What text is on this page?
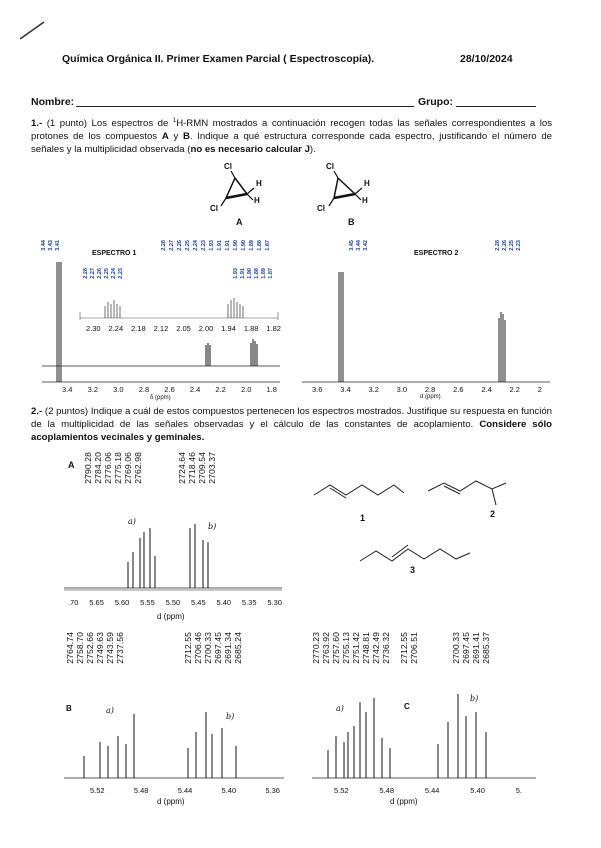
Química Orgánica II. Primer Examen Parcial ( Espectroscopía).	28/10/2024
Nombre:	Grupo:
1.- (1 punto) Los espectros de $^1$H-RMN mostrados a continuación recogen todas las señales correspondientes a los protones de los compuestos A y B. Indique a qué estructura corresponde cada espectro, justificando el número de señales y la multiplicidad observada (no es necesario calcular J).
Cl
Cl
H
H
A
Cl
Cl
H
H
B
3.44 3.43 3.41
ESPECTRO 1
2.28 2.27 2.26 2.25 2.24 2.23	1.93 1.91 1.90 1.88 1.89 1.87
2.28 2.27 2.26 2.25 2.24 2.23 1.93 1.91 1.91 1.90 1.90 1.89 1.88 1.87
2.30 2.24 2.18 2.12 2.05 2.00 1.94 1.88 1.82
3.4 3.2 3.0 2.8 2.6 2.4 2.2 2.0 1.8
δ (ppm)
3.45 3.44 3.42
ESPECTRO 2
2.28 2.26 2.25 2.23
3.6 3.4 3.2 3.0 2.8 2.6 2.4 2.2 2
d (ppm)
2.- (2 puntos) Indique a cuál de estos compuestos pertenecen los espectros mostrados. Justifique su respuesta en función de la multiplicidad de las señales observadas y el cálculo de las constantes de acoplamiento. Considere sólo acoplamientos vecinales y geminales.
A 2790.28 2784.20 2776.06 2775.18 2769.06 2762.98	2724.64 2718.46 2709.54 2703.37
a)
b)
.70 5.65 5.60 5.55 5.50 5.45 5.40 5.35 5.30
d (ppm)
1	2
3
2764.74 2758.70 2752.66 2749.63 2743.59 2737.56	2712.55 2706.46 2700.33 2697.45 2691.34 2685.24
B	a)
b)
5.52	5.48	5.44	5.40	5.36
d (ppm)
2770.23 2763.92 2757.60 2755.13 2751.42 2748.81 2742.49 2736.32 2712.55 2706.51	2700.33 2697.45 2691.41 2685.37
a)	C
b)
5.52	5.48	5.44	5.40	5.
d (ppm)
